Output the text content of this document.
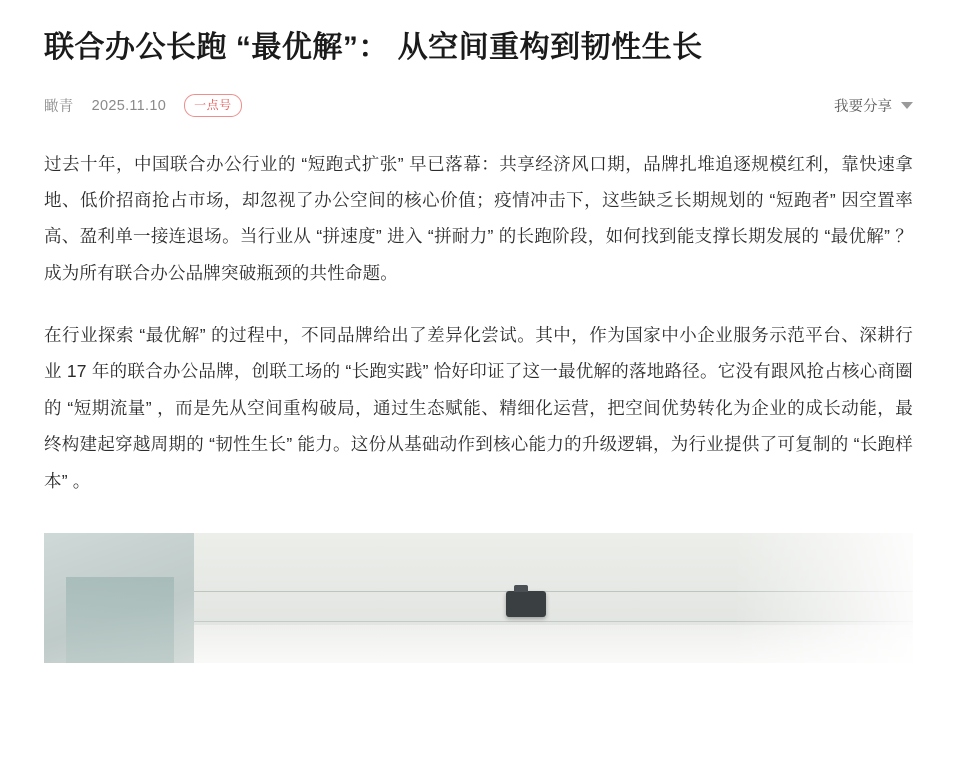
联合办公长跑 “最优解”： 从空间重构到韧性生长
瞰青 2025.11.10	一点号	我要分享

过去十年，中国联合办公行业的 “短跑式扩张” 早已落幕：共享经济风口期，品牌扎堆追逐规模红利，靠快速拿地、低价招商抢占市场，却忽视了办公空间的核心价值；疫情冲击下，这些缺乏长期规划的 “短跑者” 因空置率高、盈利单一接连退场。当行业从 “拼速度” 进入 “拼耐力” 的长跑阶段，如何找到能支撑长期发展的 “最优解” ？成为所有联合办公品牌突破瓶颈的共性命题。

在行业探索 “最优解” 的过程中，不同品牌给出了差异化尝试。其中，作为国家中小企业服务示范平台、深耕行业 17 年的联合办公品牌，创联工场的 “长跑实践” 恰好印证了这一最优解的落地路径。它没有跟风抢占核心商圈的 “短期流量” ，而是先从空间重构破局，通过生态赋能、精细化运营，把空间优势转化为企业的成长动能，最终构建起穿越周期的 “韧性生长” 能力。这份从基础动作到核心能力的升级逻辑，为行业提供了可复制的 “长跑样本” 。
